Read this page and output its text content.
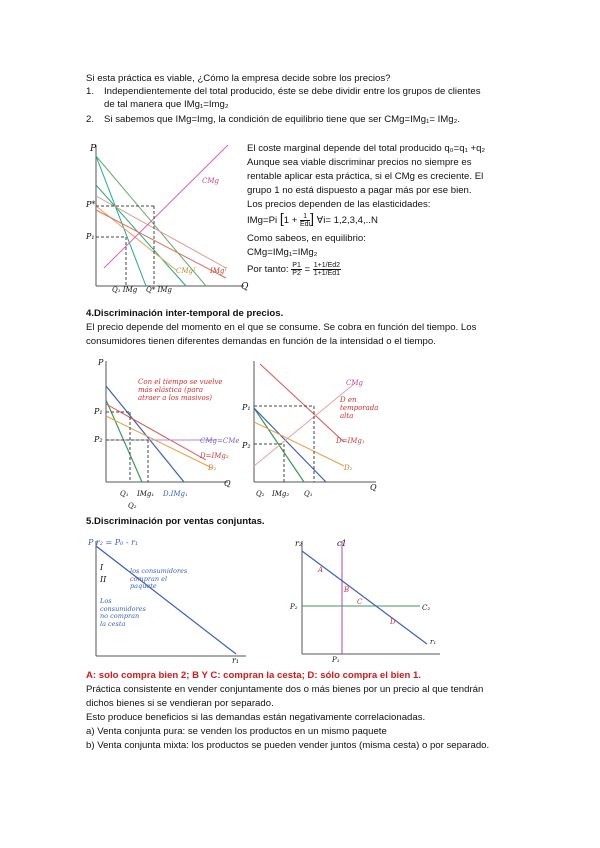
Si esta práctica es viable, ¿Cómo la empresa decide sobre los precios?
1. Independientemente del total producido, éste se debe dividir entre los grupos de clientes
de tal manera que IMg₁=Img₂
2. Si sabemos que IMg=Img, la condición de equilibrio tiene que ser CMg=IMg₁= IMg₂.
P
Q
P*
P₁
CMg
IMgᵀ
CMgᵀ
Q₁ IMg Q* IMg
El coste marginal depende del total producido q₀=q₁ +q₂
Aunque sea viable discriminar precios no siempre es
rentable aplicar esta práctica, si el CMg es creciente. El
grupo 1 no está dispuesto a pagar más por ese bien.
Los precios dependen de las elasticidades:
IMg=Pi [$1 + \frac{1}{\text{Edi}}$ ] ∀i= 1,2,3,4,..N
Como sabeos, en equilibrio:
CMg=IMg₁=IMg₂
Por tanto: $\frac{P1}{P2} = \frac{1+1/Ed2}{1+1/Ed1}$
4.Discriminación inter-temporal de precios.
El precio depende del momento en el que se consume. Se cobra en función del tiempo. Los
consumidores tienen diferentes demandas en función de la intensidad o el tiempo.
Con el tiempo se vuelve más elástica (para atraer a los masivos)
P
P₁
P₂	CMg=CMe
D=IMg₂
D₂
Q₁ IMg₁
Q₂
D.IMg₁
Q
CMg
D en temporada alta
P₁
P₂	D=IMg₁
D₂
Q₂ IMg₂ Q₁
Q
5.Discriminación por ventas conjuntas.
P r₂ = P₀ - r₁
I
II
los consumidores compran el paquete
Los consumidores no compran la cesta
r₁
r₂	c1
A
B
C
D
P₂	C₂
P₁
r₁
A: solo compra bien 2; B Y C: compran la cesta; D: sólo compra el bien 1.
Práctica consistente en vender conjuntamente dos o más bienes por un precio al que tendrán
dichos bienes si se vendieran por separado.
Esto produce beneficios si las demandas están negativamente correlacionadas.
a) Venta conjunta pura: se venden los productos en un mismo paquete
b) Venta conjunta mixta: los productos se pueden vender juntos (misma cesta) o por separado.
